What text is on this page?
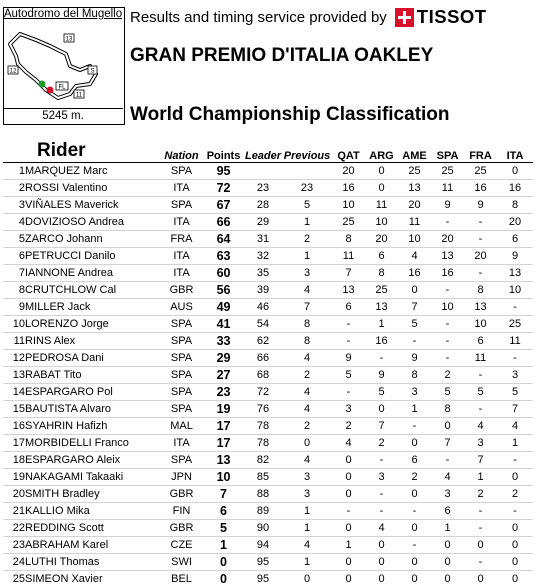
Autodromo del Mugello
13
12	S
FL
11
5245 m.
Results and timing service provided by TISSOT
GRAN PREMIO D'ITALIA OAKLEY
World Championship Classification
Rider		Nation	Points	Leader	Previous	QAT	ARG	AME	SPA	FRA	ITA
1	MARQUEZ Marc	SPA	95			20	0	25	25	25	0
2	ROSSI Valentino	ITA	72	23	23	16	0	13	11	16	16
3	VIÑALES Maverick	SPA	67	28	5	10	11	20	9	9	8
4	DOVIZIOSO Andrea	ITA	66	29	1	25	10	11	-	-	20
5	ZARCO Johann	FRA	64	31	2	8	20	10	20	-	6
6	PETRUCCI Danilo	ITA	63	32	1	11	6	4	13	20	9
7	IANNONE Andrea	ITA	60	35	3	7	8	16	16	-	13
8	CRUTCHLOW Cal	GBR	56	39	4	13	25	0	-	8	10
9	MILLER Jack	AUS	49	46	7	6	13	7	10	13	-
10	LORENZO Jorge	SPA	41	54	8	-	1	5	-	10	25
11	RINS Alex	SPA	33	62	8	-	16	-	-	6	11
12	PEDROSA Dani	SPA	29	66	4	9	-	9	-	11	-
13	RABAT Tito	SPA	27	68	2	5	9	8	2	-	3
14	ESPARGARO Pol	SPA	23	72	4	-	5	3	5	5	5
15	BAUTISTA Alvaro	SPA	19	76	4	3	0	1	8	-	7
16	SYAHRIN Hafizh	MAL	17	78	2	2	7	-	0	4	4
17	MORBIDELLI Franco	ITA	17	78	0	4	2	0	7	3	1
18	ESPARGARO Aleix	SPA	13	82	4	0	-	6	-	7	-
19	NAKAGAMI Takaaki	JPN	10	85	3	0	3	2	4	1	0
20	SMITH Bradley	GBR	7	88	3	0	-	0	3	2	2
21	KALLIO Mika	FIN	6	89	1	-	-	-	6	-	-
22	REDDING Scott	GBR	5	90	1	0	4	0	1	-	0
23	ABRAHAM Karel	CZE	1	94	4	1	0	-	0	0	0
24	LUTHI Thomas	SWI	0	95	1	0	0	0	0	-	0
25	SIMEON Xavier	BEL	0	95	0	0	0	0	0	0	0
